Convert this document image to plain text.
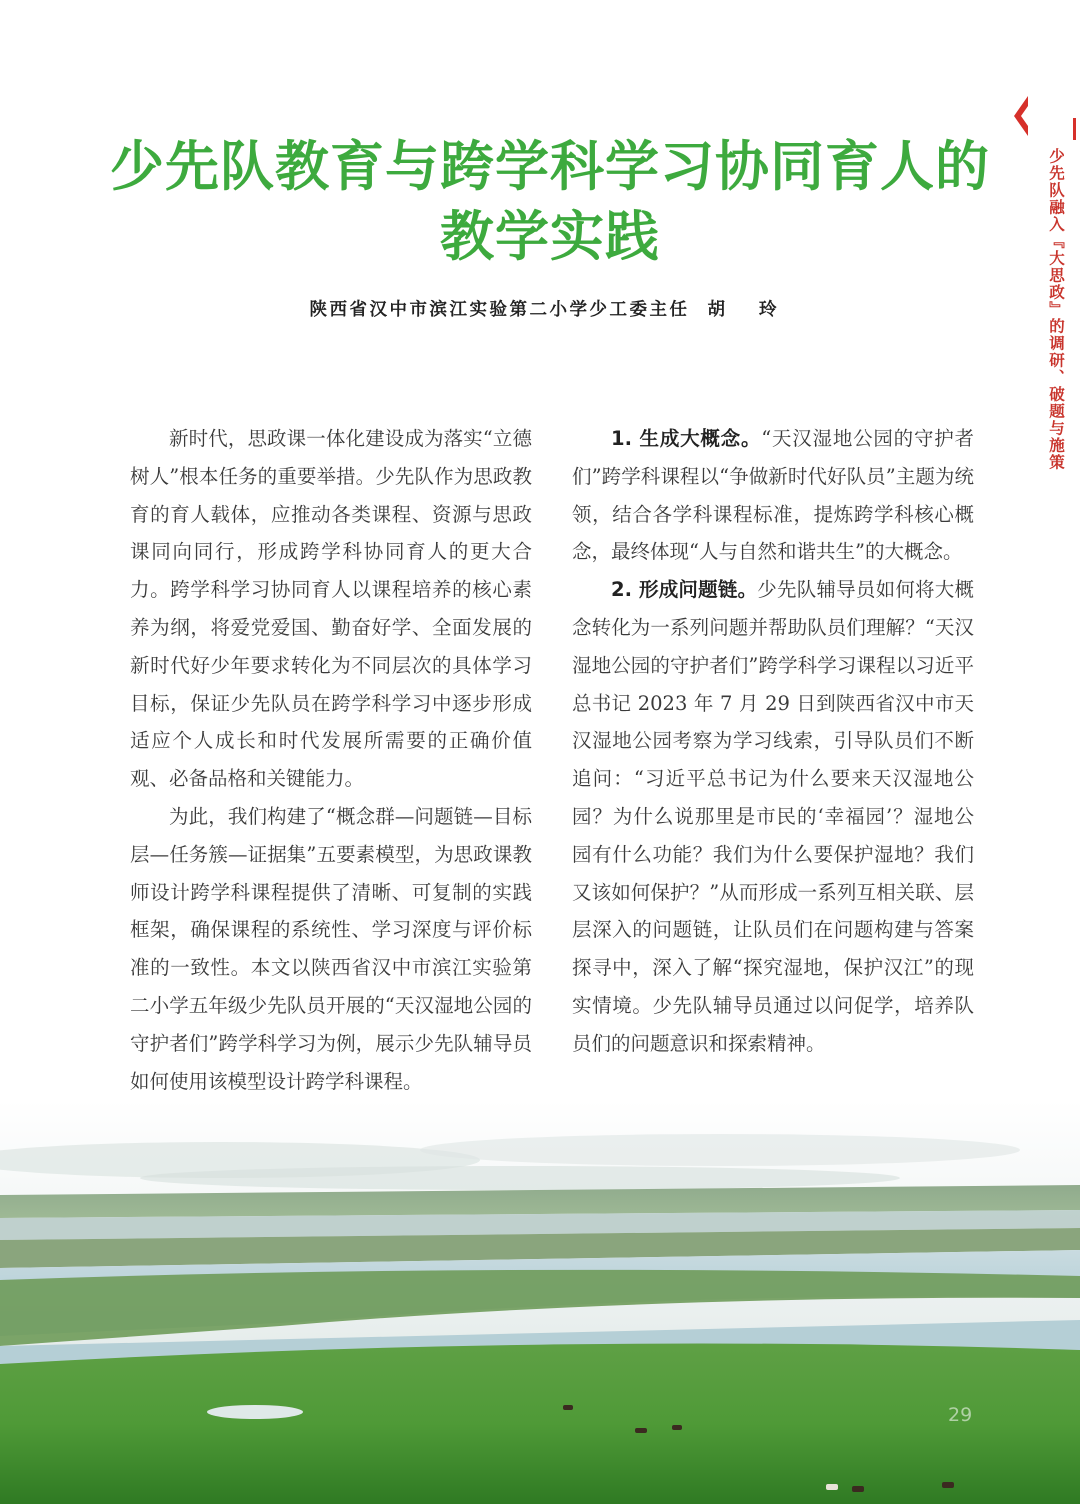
少先队融入『大思政』的调研、破题与施策
少先队教育与跨学科学习协同育人的
教学实践
陕西省汉中市滨江实验第二小学少工委主任 胡 玲

新时代，思政课一体化建设成为落实“立德树人”根本任务的重要举措。少先队作为思政教育的育人载体，应推动各类课程、资源与思政课同向同行，形成跨学科协同育人的更大合力。跨学科学习协同育人以课程培养的核心素养为纲，将爱党爱国、勤奋好学、全面发展的新时代好少年要求转化为不同层次的具体学习目标，保证少先队员在跨学科学习中逐步形成适应个人成长和时代发展所需要的正确价值观、必备品格和关键能力。

为此，我们构建了“概念群—问题链—目标层—任务簇—证据集”五要素模型，为思政课教师设计跨学科课程提供了清晰、可复制的实践框架，确保课程的系统性、学习深度与评价标准的一致性。本文以陕西省汉中市滨江实验第二小学五年级少先队员开展的“天汉湿地公园的守护者们”跨学科学习为例，展示少先队辅导员如何使用该模型设计跨学科课程。

1. 生成大概念。“天汉湿地公园的守护者们”跨学科课程以“争做新时代好队员”主题为统领，结合各学科课程标准，提炼跨学科核心概念，最终体现“人与自然和谐共生”的大概念。

2. 形成问题链。少先队辅导员如何将大概念转化为一系列问题并帮助队员们理解？“天汉湿地公园的守护者们”跨学科学习课程以习近平总书记 2023 年 7 月 29 日到陕西省汉中市天汉湿地公园考察为学习线索，引导队员们不断追问：“习近平总书记为什么要来天汉湿地公园？为什么说那里是市民的‘幸福园’？湿地公园有什么功能？我们为什么要保护湿地？我们又该如何保护？”从而形成一系列互相关联、层层深入的问题链，让队员们在问题构建与答案探寻中，深入了解“探究湿地，保护汉江”的现实情境。少先队辅导员通过以问促学，培养队员们的问题意识和探索精神。

29
